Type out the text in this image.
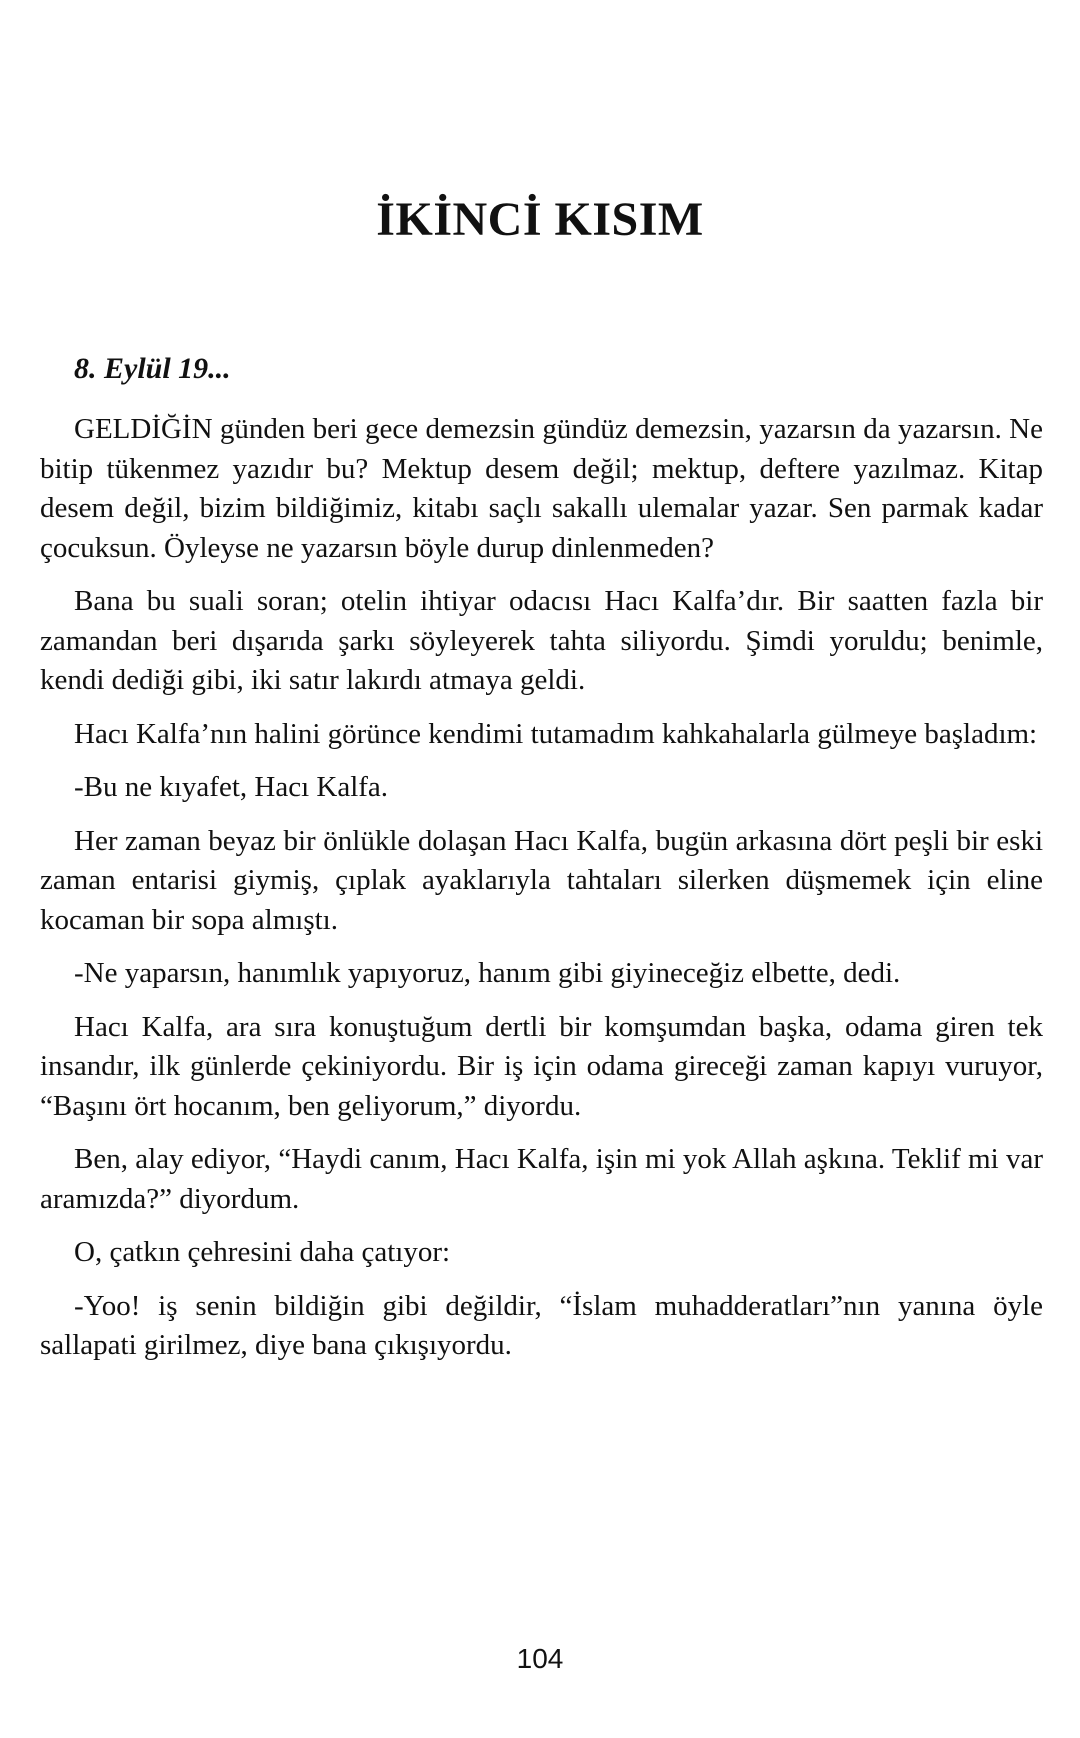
İKİNCİ KISIM

8. Eylül 19...

GELDİĞİN günden beri gece demezsin gündüz demezsin, yazarsın da yazarsın. Ne bitip tükenmez yazıdır bu? Mektup desem değil; mektup, deftere yazılmaz. Kitap desem değil, bizim bildiğimiz, kitabı saçlı sakallı ulemalar yazar. Sen parmak kadar çocuksun. Öyleyse ne yazarsın böyle durup dinlenmeden?

Bana bu suali soran; otelin ihtiyar odacısı Hacı Kalfa’dır. Bir saatten fazla bir zamandan beri dışarıda şarkı söyleyerek tahta siliyordu. Şimdi yoruldu; benimle, kendi dediği gibi, iki satır lakırdı atmaya geldi.

Hacı Kalfa’nın halini görünce kendimi tutamadım kahkahalarla gülmeye başladım:

-Bu ne kıyafet, Hacı Kalfa.

Her zaman beyaz bir önlükle dolaşan Hacı Kalfa, bugün arkasına dört peşli bir eski zaman entarisi giymiş, çıplak ayaklarıyla tahtaları silerken düşmemek için eline kocaman bir sopa almıştı.

-Ne yaparsın, hanımlık yapıyoruz, hanım gibi giyineceğiz elbette, dedi.

Hacı Kalfa, ara sıra konuştuğum dertli bir komşumdan başka, odama giren tek insandır, ilk günlerde çekiniyordu. Bir iş için odama gireceği zaman kapıyı vuruyor, “Başını ört hocanım, ben geliyorum,” diyordu.

Ben, alay ediyor, “Haydi canım, Hacı Kalfa, işin mi yok Allah aşkına. Teklif mi var aramızda?” diyordum.

O, çatkın çehresini daha çatıyor:

-Yoo! iş senin bildiğin gibi değildir, “İslam muhadderatları”nın yanına öyle sallapati girilmez, diye bana çıkışıyordu.

104
